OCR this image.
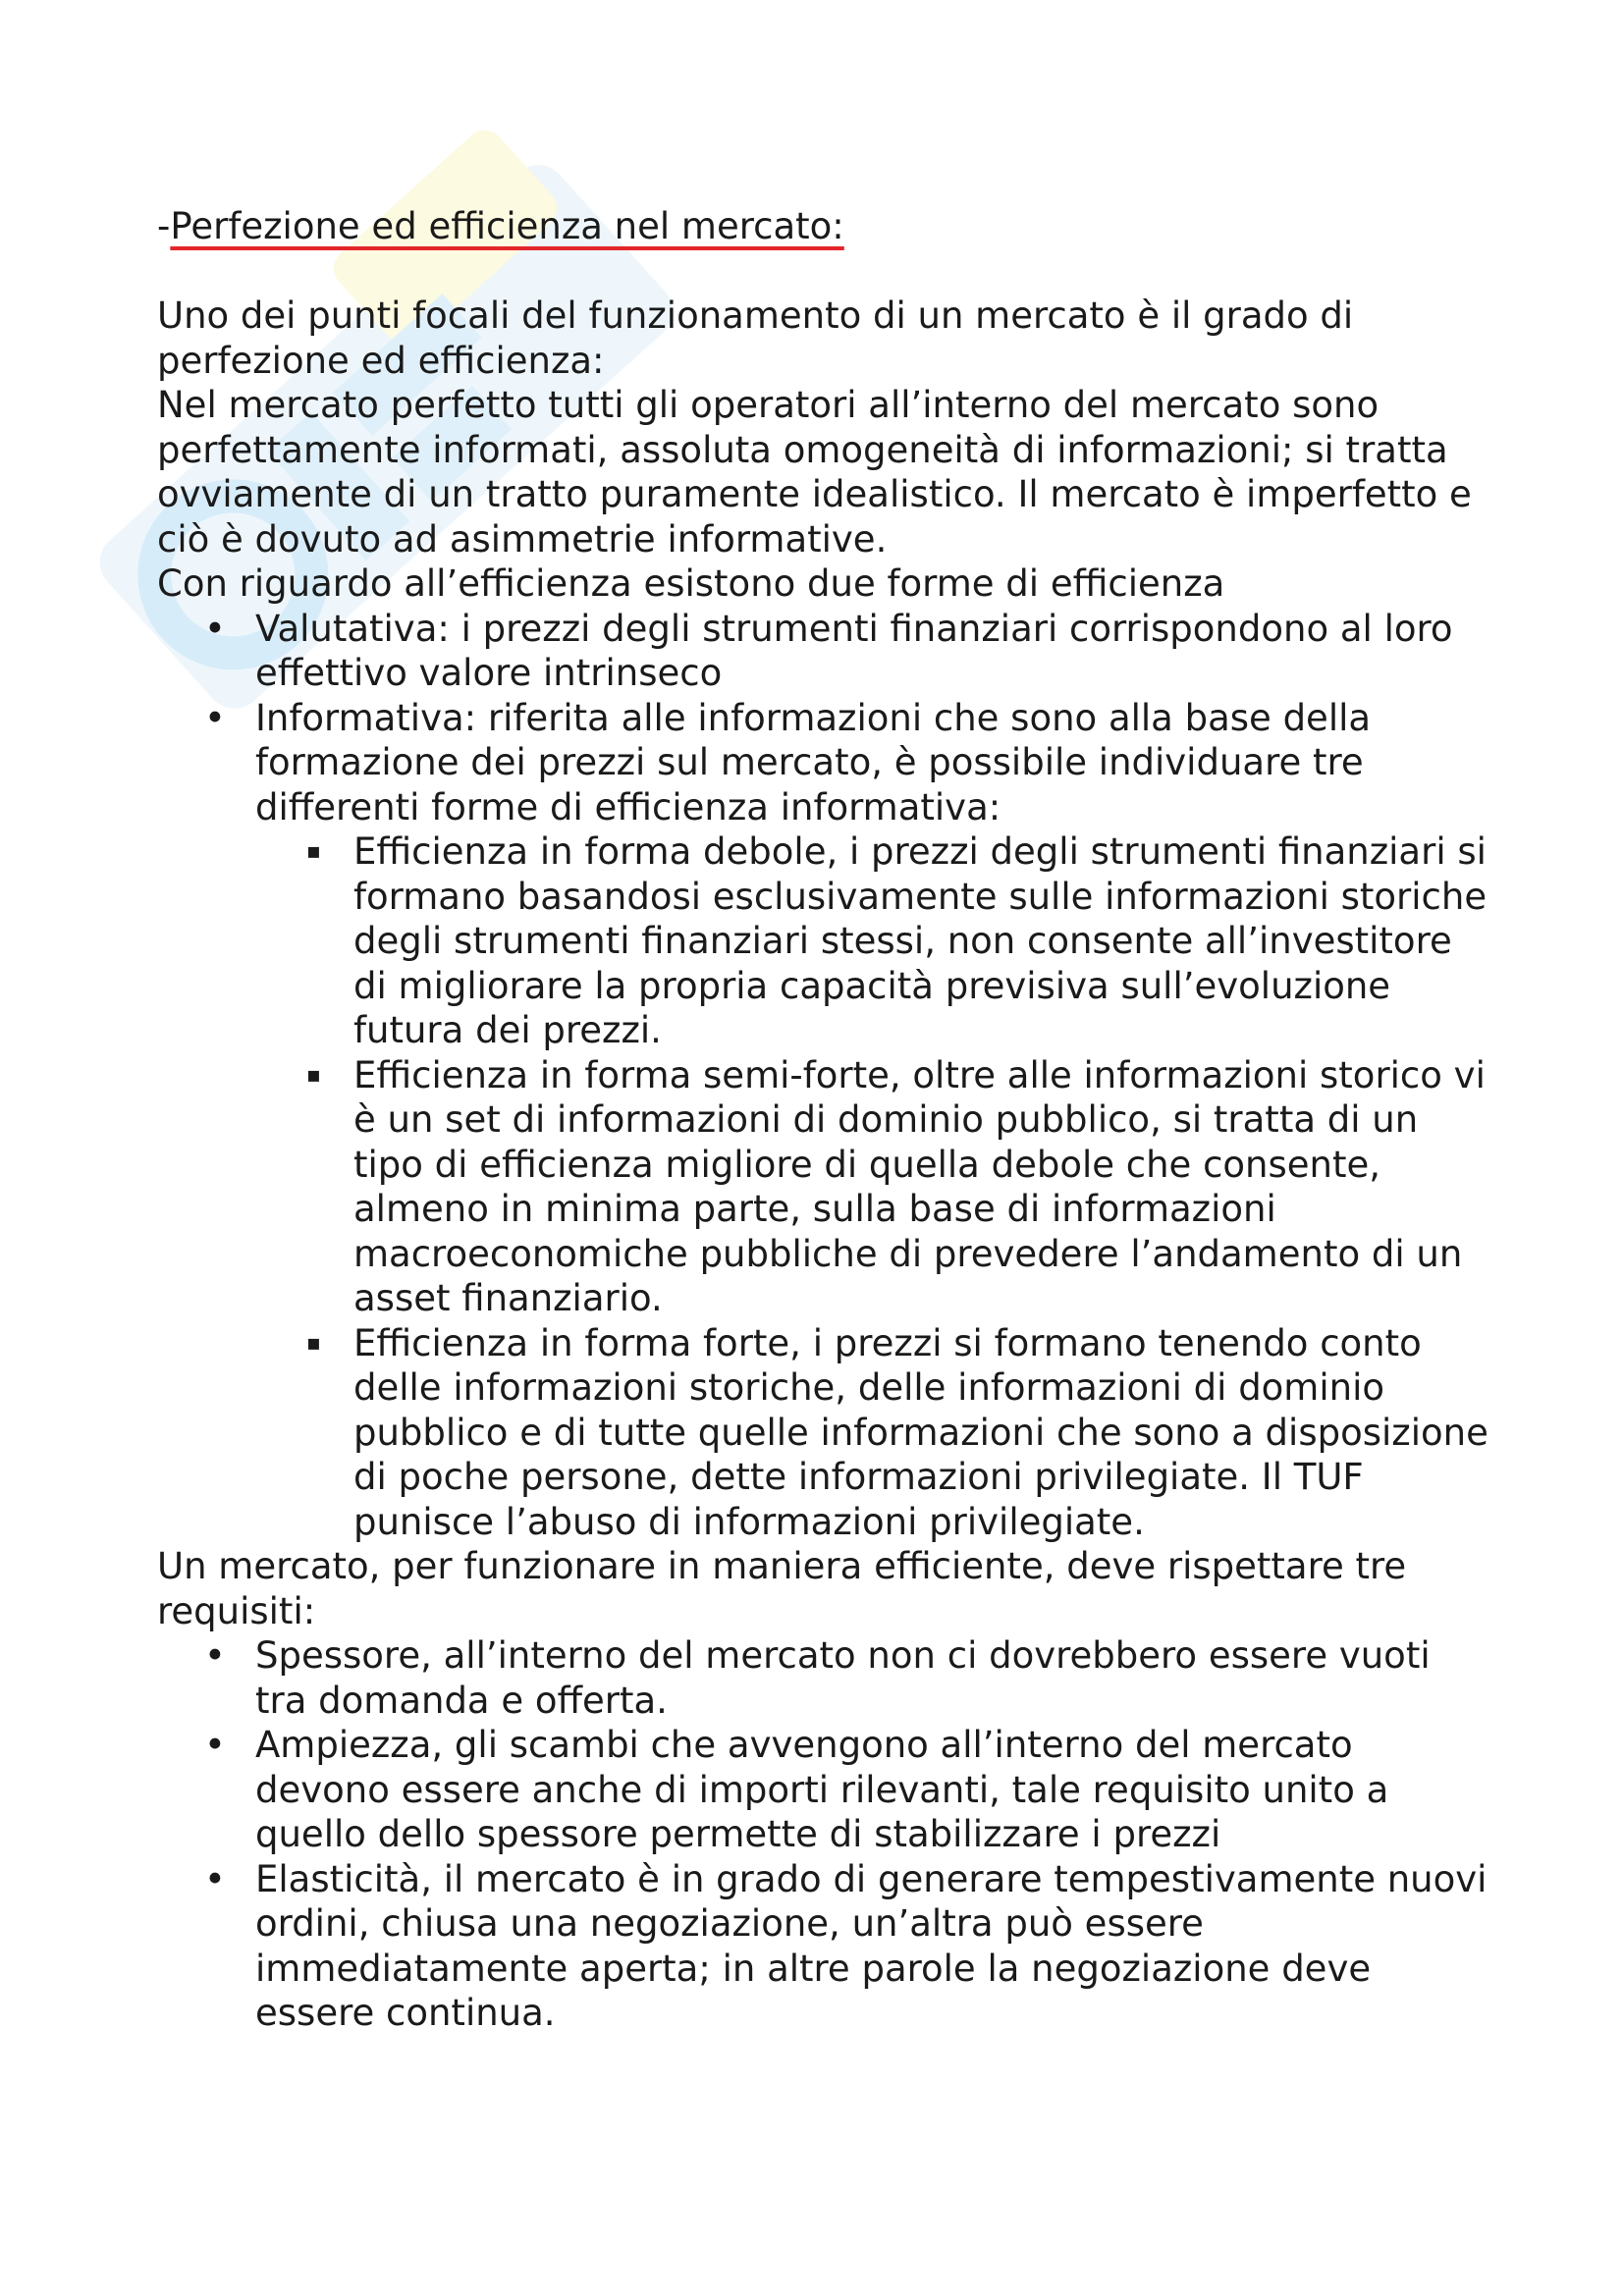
-Perfezione ed efficienza nel mercato:

Uno dei punti focali del funzionamento di un mercato è il grado di perfezione ed efficienza:

Nel mercato perfetto tutti gli operatori all’interno del mercato sono perfettamente informati, assoluta omogeneità di informazioni; si tratta ovviamente di un tratto puramente idealistico. Il mercato è imperfetto e ciò è dovuto ad asimmetrie informative.

Con riguardo all’efficienza esistono due forme di efficienza

• Valutativa: i prezzi degli strumenti finanziari corrispondono al loro effettivo valore intrinseco
• Informativa: riferita alle informazioni che sono alla base della formazione dei prezzi sul mercato, è possibile individuare tre differenti forme di efficienza informativa:
▪ Efficienza in forma debole, i prezzi degli strumenti finanziari si formano basandosi esclusivamente sulle informazioni storiche degli strumenti finanziari stessi, non consente all’investitore di migliorare la propria capacità previsiva sull’evoluzione futura dei prezzi.
▪ Efficienza in forma semi-forte, oltre alle informazioni storico vi è un set di informazioni di dominio pubblico, si tratta di un tipo di efficienza migliore di quella debole che consente, almeno in minima parte, sulla base di informazioni macroeconomiche pubbliche di prevedere l’andamento di un asset finanziario.
▪ Efficienza in forma forte, i prezzi si formano tenendo conto delle informazioni storiche, delle informazioni di dominio pubblico e di tutte quelle informazioni che sono a disposizione di poche persone, dette informazioni privilegiate. Il TUF punisce l’abuso di informazioni privilegiate.

Un mercato, per funzionare in maniera efficiente, deve rispettare tre requisiti:

• Spessore, all’interno del mercato non ci dovrebbero essere vuoti tra domanda e offerta.
• Ampiezza, gli scambi che avvengono all’interno del mercato devono essere anche di importi rilevanti, tale requisito unito a quello dello spessore permette di stabilizzare i prezzi
• Elasticità, il mercato è in grado di generare tempestivamente nuovi ordini, chiusa una negoziazione, un’altra può essere immediatamente aperta; in altre parole la negoziazione deve essere continua.
